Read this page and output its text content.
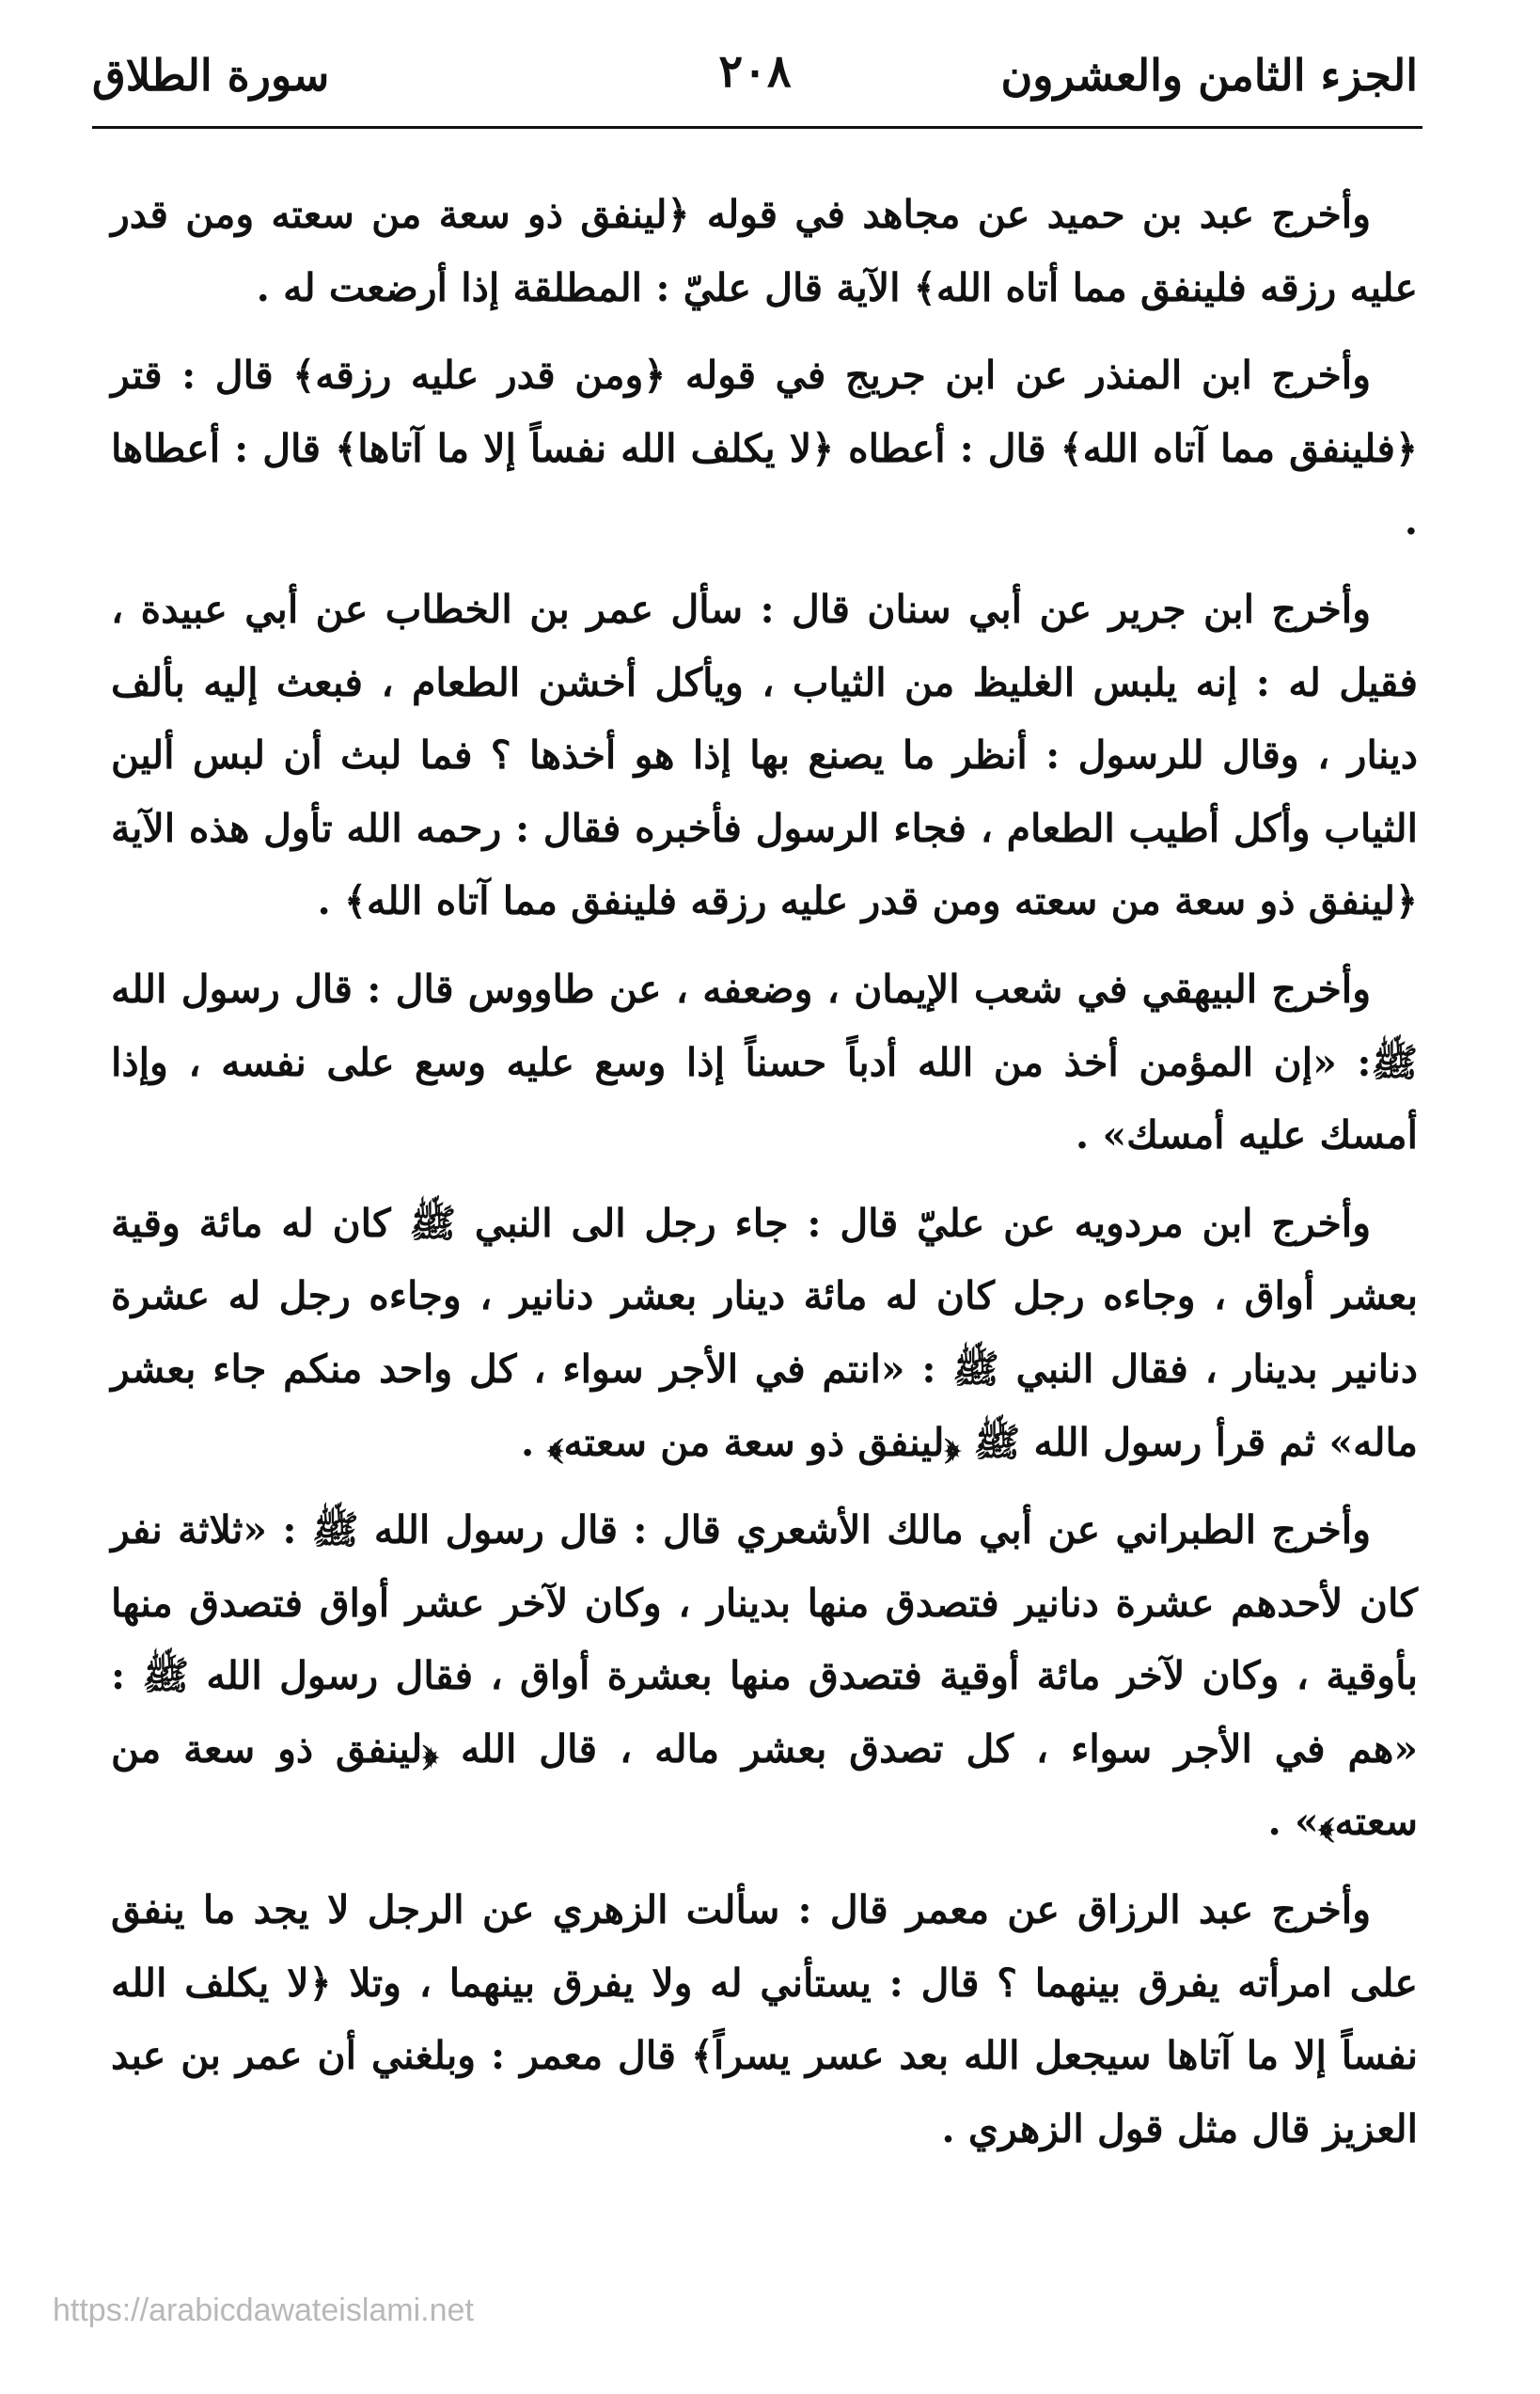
الجزء الثامن والعشرون
٢٠٨
سورة الطلاق

وأخرج عبد بن حميد عن مجاهد في قوله ﴿لينفق ذو سعة من سعته ومن قدر عليه رزقه فلينفق مما أتاه الله﴾ الآية قال عليّ : المطلقة إذا أرضعت له .

وأخرج ابن المنذر عن ابن جريج في قوله ﴿ومن قدر عليه رزقه﴾ قال : قتر ﴿فلينفق مما آتاه الله﴾ قال : أعطاه ﴿لا يكلف الله نفساً إلا ما آتاها﴾ قال : أعطاها .

وأخرج ابن جرير عن أبي سنان قال : سأل عمر بن الخطاب عن أبي عبيدة ، فقيل له : إنه يلبس الغليظ من الثياب ، ويأكل أخشن الطعام ، فبعث إليه بألف دينار ، وقال للرسول : أنظر ما يصنع بها إذا هو أخذها ؟ فما لبث أن لبس ألين الثياب وأكل أطيب الطعام ، فجاء الرسول فأخبره فقال : رحمه الله تأول هذه الآية ﴿لينفق ذو سعة من سعته ومن قدر عليه رزقه فلينفق مما آتاه الله﴾ .

وأخرج البيهقي في شعب الإيمان ، وضعفه ، عن طاووس قال : قال رسول الله ﷺ: «إن المؤمن أخذ من الله أدباً حسناً إذا وسع عليه وسع على نفسه ، وإذا أمسك عليه أمسك» .

وأخرج ابن مردويه عن عليّ قال : جاء رجل الى النبي ﷺ كان له مائة وقية بعشر أواق ، وجاءه رجل كان له مائة دينار بعشر دنانير ، وجاءه رجل له عشرة دنانير بدينار ، فقال النبي ﷺ : «انتم في الأجر سواء ، كل واحد منكم جاء بعشر ماله» ثم قرأ رسول الله ﷺ ﴿لينفق ذو سعة من سعته﴾ .

وأخرج الطبراني عن أبي مالك الأشعري قال : قال رسول الله ﷺ : «ثلاثة نفر كان لأحدهم عشرة دنانير فتصدق منها بدينار ، وكان لآخر عشر أواق فتصدق منها بأوقية ، وكان لآخر مائة أوقية فتصدق منها بعشرة أواق ، فقال رسول الله ﷺ : «هم في الأجر سواء ، كل تصدق بعشر ماله ، قال الله ﴿لينفق ذو سعة من سعته﴾» .

وأخرج عبد الرزاق عن معمر قال : سألت الزهري عن الرجل لا يجد ما ينفق على امرأته يفرق بينهما ؟ قال : يستأني له ولا يفرق بينهما ، وتلا ﴿لا يكلف الله نفساً إلا ما آتاها سيجعل الله بعد عسر يسراً﴾ قال معمر : وبلغني أن عمر بن عبد العزيز قال مثل قول الزهري .

https://arabicdawateislami.net
